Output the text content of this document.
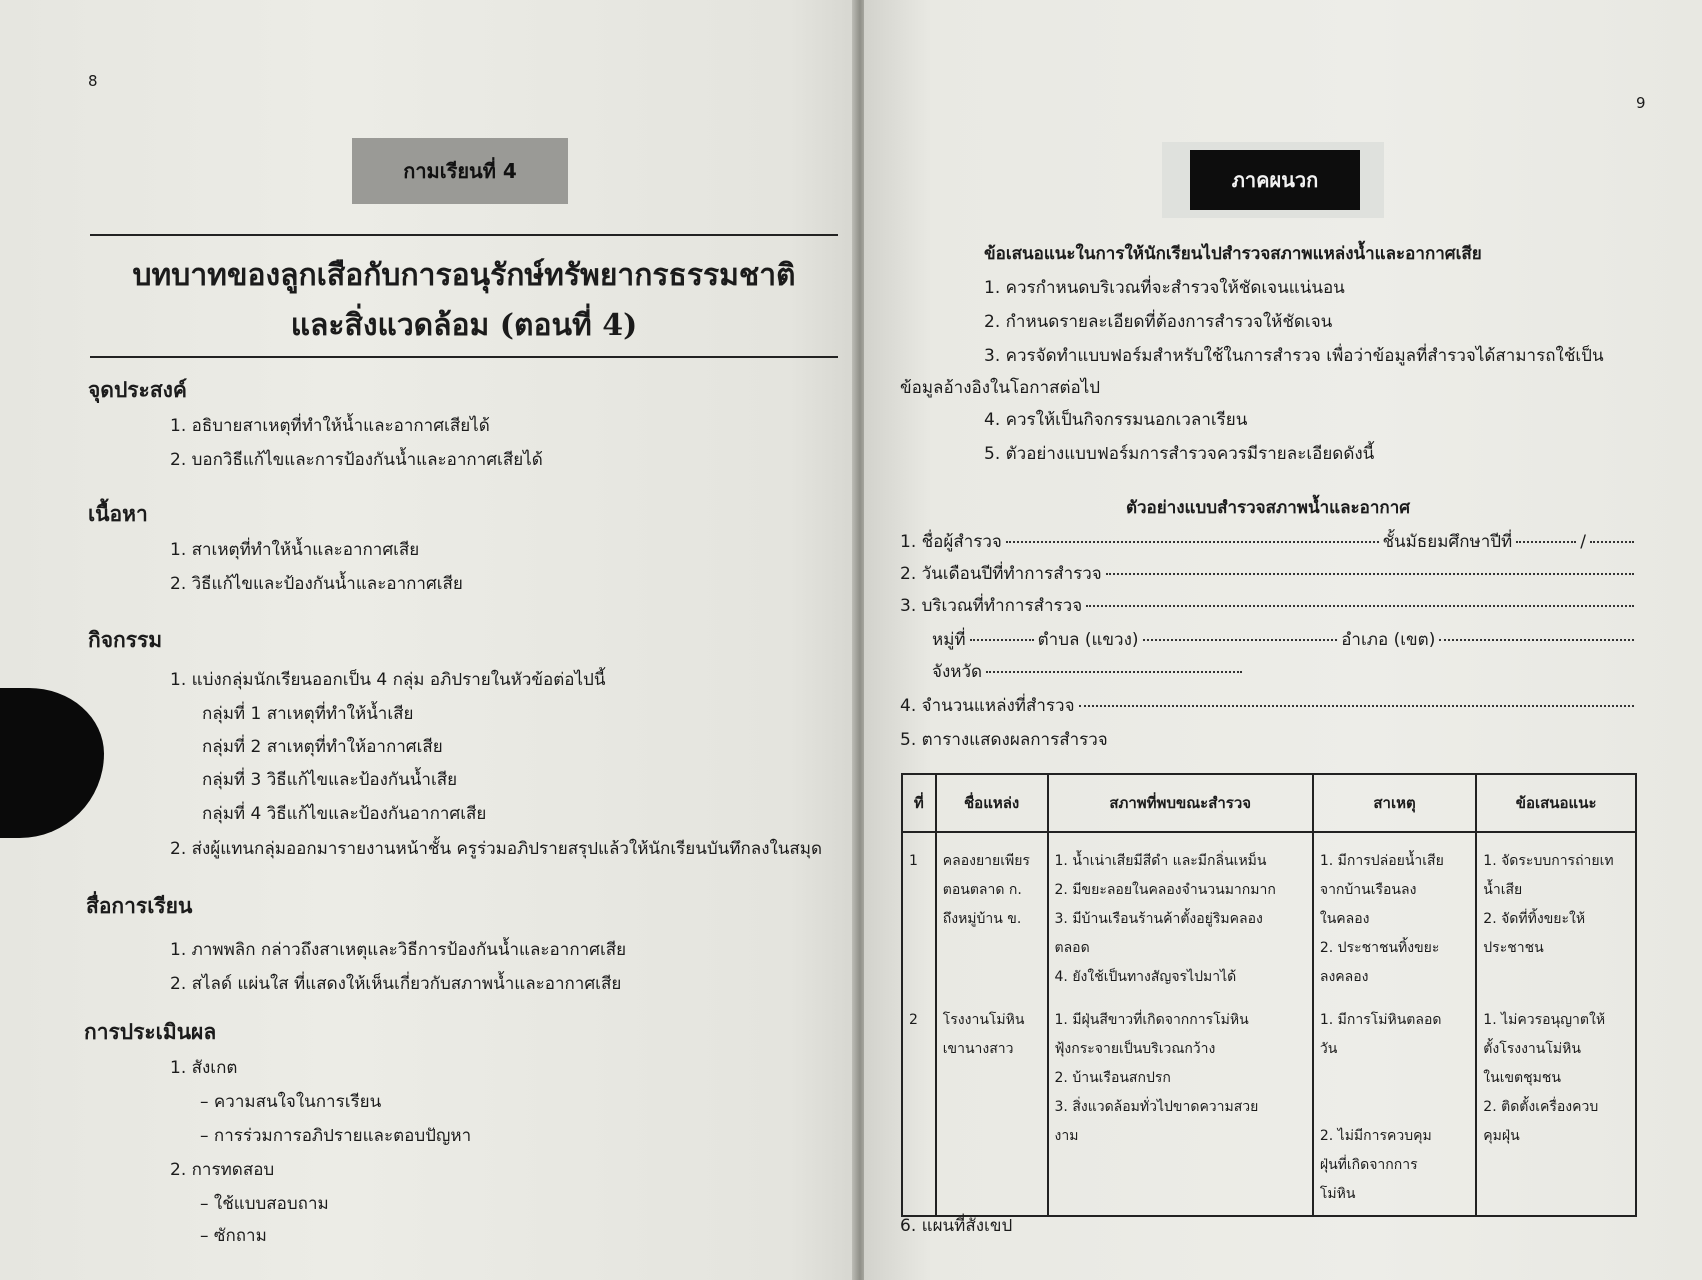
8
กามเรียนที่ 4
บทบาทของลูกเสือกับการอนุรักษ์ทรัพยากรธรรมชาติ
และสิ่งแวดล้อม (ตอนที่ 4)
จุดประสงค์
1. อธิบายสาเหตุที่ทำให้น้ำและอากาศเสียได้
2. บอกวิธีแก้ไขและการป้องกันน้ำและอากาศเสียได้
เนื้อหา
1. สาเหตุที่ทำให้น้ำและอากาศเสีย
2. วิธีแก้ไขและป้องกันน้ำและอากาศเสีย
กิจกรรม
1. แบ่งกลุ่มนักเรียนออกเป็น 4 กลุ่ม อภิปรายในหัวข้อต่อไปนี้
กลุ่มที่ 1 สาเหตุที่ทำให้น้ำเสีย
กลุ่มที่ 2 สาเหตุที่ทำให้อากาศเสีย
กลุ่มที่ 3 วิธีแก้ไขและป้องกันน้ำเสีย
กลุ่มที่ 4 วิธีแก้ไขและป้องกันอากาศเสีย
2. ส่งผู้แทนกลุ่มออกมารายงานหน้าชั้น ครูร่วมอภิปรายสรุปแล้วให้นักเรียนบันทึกลงในสมุด
สื่อการเรียน
1. ภาพพลิก กล่าวถึงสาเหตุและวิธีการป้องกันน้ำและอากาศเสีย
2. สไลด์ แผ่นใส ที่แสดงให้เห็นเกี่ยวกับสภาพน้ำและอากาศเสีย
การประเมินผล
1. สังเกต
– ความสนใจในการเรียน
– การร่วมการอภิปรายและตอบปัญหา
2. การทดสอบ
– ใช้แบบสอบถาม
– ซักถาม
9
ภาคผนวก
ข้อเสนอแนะในการให้นักเรียนไปสำรวจสภาพแหล่งน้ำและอากาศเสีย
1. ควรกำหนดบริเวณที่จะสำรวจให้ชัดเจนแน่นอน
2. กำหนดรายละเอียดที่ต้องการสำรวจให้ชัดเจน
3. ควรจัดทำแบบฟอร์มสำหรับใช้ในการสำรวจ เพื่อว่าข้อมูลที่สำรวจได้สามารถใช้เป็น
ข้อมูลอ้างอิงในโอกาสต่อไป
4. ควรให้เป็นกิจกรรมนอกเวลาเรียน
5. ตัวอย่างแบบฟอร์มการสำรวจควรมีรายละเอียดดังนี้
ตัวอย่างแบบสำรวจสภาพน้ำและอากาศ
1. ชื่อผู้สำรวจ	ชั้นมัธยมศึกษาปีที่	/
2. วันเดือนปีที่ทำการสำรวจ
3. บริเวณที่ทำการสำรวจ
หมู่ที่	ตำบล (แขวง)	อำเภอ (เขต)
จังหวัด
4. จำนวนแหล่งที่สำรวจ
5. ตารางแสดงผลการสำรวจ
ที่	ชื่อแหล่ง	สภาพที่พบขณะสำรวจ	สาเหตุ	ข้อเสนอแนะ

1	คลองยายเพียร
ตอนตลาด ก.
ถึงหมู่บ้าน ข.	1. น้ำเน่าเสียมีสีดำ และมีกลิ่นเหม็น
2. มีขยะลอยในคลองจำนวนมากมาก
3. มีบ้านเรือนร้านค้าตั้งอยู่ริมคลอง
ตลอด
4. ยังใช้เป็นทางสัญจรไปมาได้	1. มีการปล่อยน้ำเสีย
จากบ้านเรือนลง
ในคลอง
2. ประชาชนทิ้งขยะ
ลงคลอง	1. จัดระบบการถ่ายเท
น้ำเสีย
2. จัดที่ทิ้งขยะให้
ประชาชน

2	โรงงานโม่หิน
เขานางสาว	1. มีฝุ่นสีขาวที่เกิดจากการโม่หิน
ฟุ้งกระจายเป็นบริเวณกว้าง
2. บ้านเรือนสกปรก
3. สิ่งแวดล้อมทั่วไปขาดความสวย
งาม	1. มีการโม่หินตลอด
วัน
2. ไม่มีการควบคุม
ฝุ่นที่เกิดจากการ
โม่หิน	1. ไม่ควรอนุญาตให้
ตั้งโรงงานโม่หิน
ในเขตชุมชน
2. ติดตั้งเครื่องควบ
คุมฝุ่น
6. แผนที่สังเขป
